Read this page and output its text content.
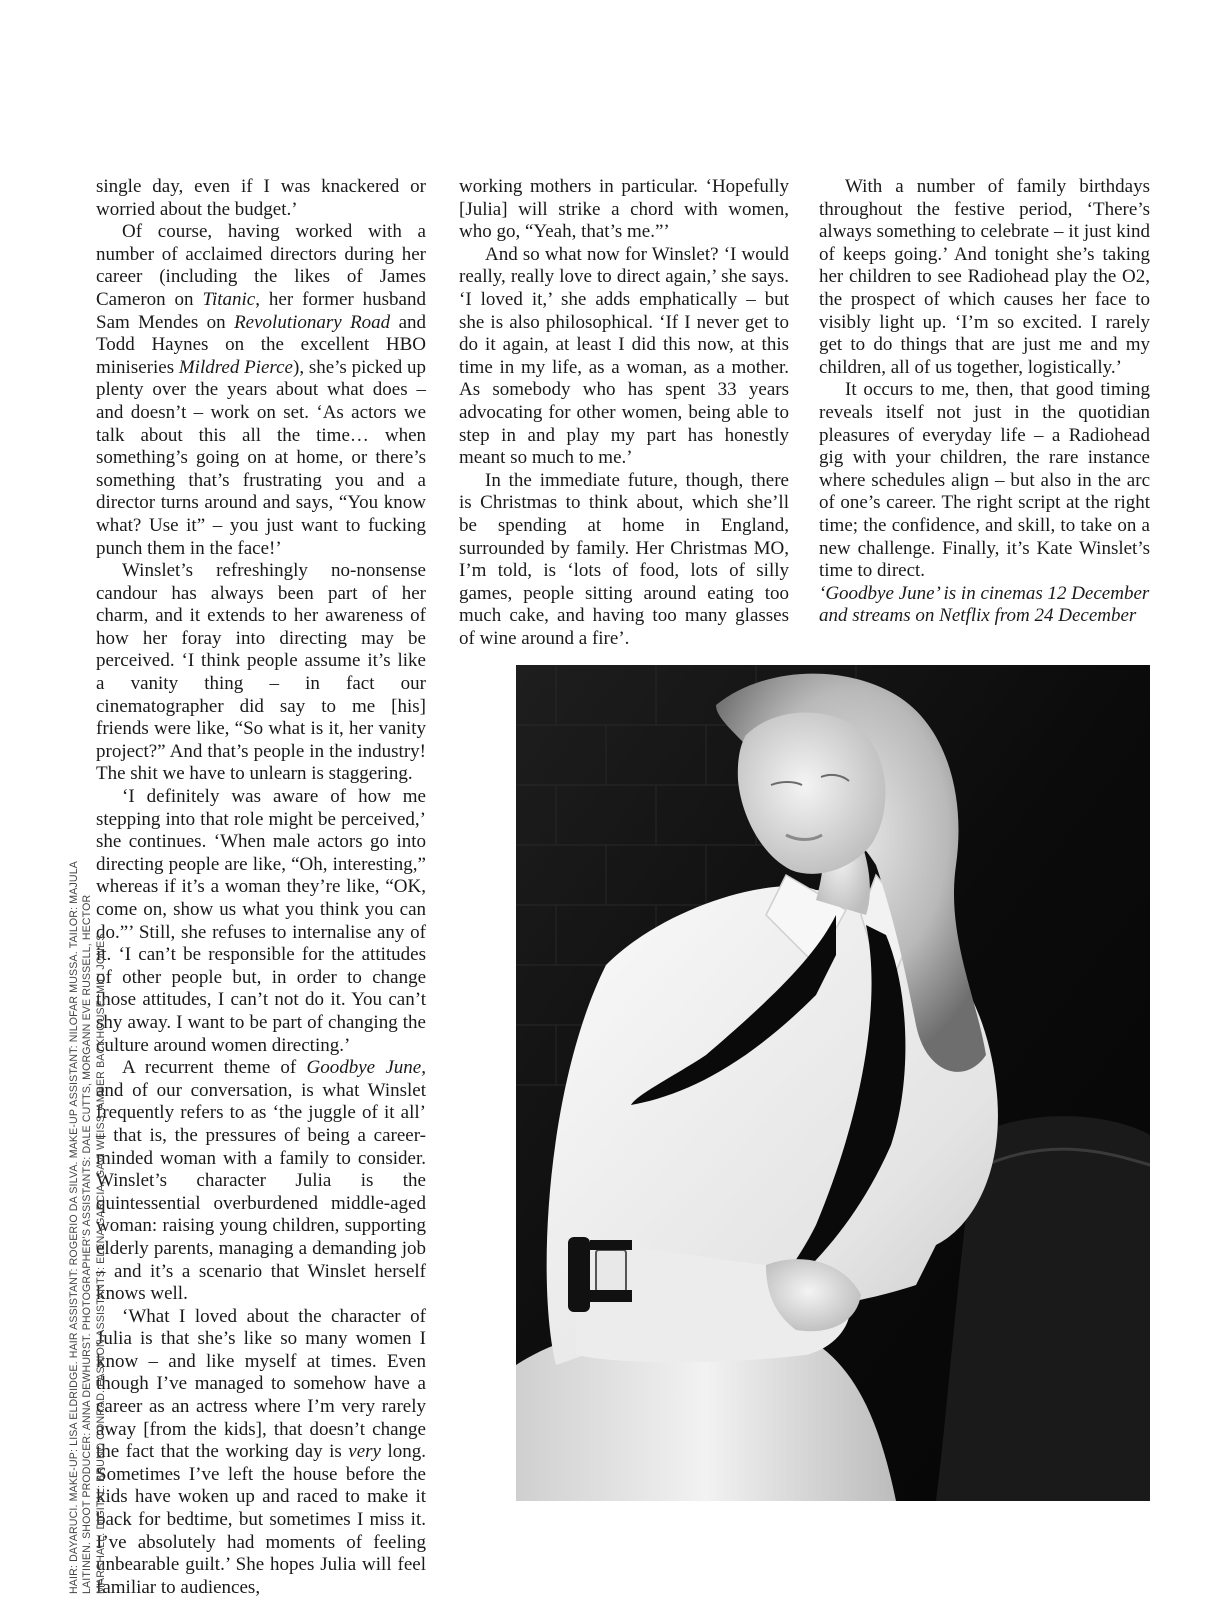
single day, even if I was knackered or worried about the budget.’

Of course, having worked with a number of acclaimed directors during her career (including the likes of James Cameron on Titanic, her former husband Sam Mendes on Revolutionary Road and Todd Haynes on the excellent HBO miniseries Mildred Pierce), she’s picked up plenty over the years about what does – and doesn’t – work on set. ‘As actors we talk about this all the time… when something’s going on at home, or there’s something that’s frustrating you and a director turns around and says, “You know what? Use it” – you just want to fucking punch them in the face!’

Winslet’s refreshingly no-nonsense candour has always been part of her charm, and it extends to her awareness of how her foray into directing may be perceived. ‘I think people assume it’s like a vanity thing – in fact our cinematographer did say to me [his] friends were like, “So what is it, her vanity project?” And that’s people in the industry! The shit we have to unlearn is staggering.

‘I definitely was aware of how me stepping into that role might be perceived,’ she continues. ‘When male actors go into directing people are like, “Oh, interesting,” whereas if it’s a woman they’re like, “OK, come on, show us what you think you can do.”’ Still, she refuses to internalise any of it. ‘I can’t be responsible for the attitudes of other people but, in order to change those attitudes, I can’t not do it. You can’t shy away. I want to be part of changing the culture around women directing.’

A recurrent theme of Goodbye June, and of our conversation, is what Winslet frequently refers to as ‘the juggle of it all’ – that is, the pressures of being a career-minded woman with a family to consider. Winslet’s character Julia is the quintessential overburdened middle-aged woman: raising young children, supporting elderly parents, managing a demanding job – and it’s a scenario that Winslet herself knows well.

‘What I loved about the character of Julia is that she’s like so many women I know – and like myself at times. Even though I’ve managed to somehow have a career as an actress where I’m very rarely away [from the kids], that doesn’t change the fact that the working day is very long. Sometimes I’ve left the house before the kids have woken up and raced to make it back for bedtime, but sometimes I miss it. I’ve absolutely had moments of feeling unbearable guilt.’ She hopes Julia will feel familiar to audiences,

working mothers in particular. ‘Hopefully [Julia] will strike a chord with women, who go, “Yeah, that’s me.”’

And so what now for Winslet? ‘I would really, really love to direct again,’ she says. ‘I loved it,’ she adds emphatically – but she is also philosophical. ‘If I never get to do it again, at least I did this now, at this time in my life, as a woman, as a mother. As somebody who has spent 33 years advocating for other women, being able to step in and play my part has honestly meant so much to me.’

In the immediate future, though, there is Christmas to think about, which she’ll be spending at home in England, surrounded by family. Her Christmas MO, I’m told, is ‘lots of food, lots of silly games, people sitting around eating too much cake, and having too many glasses of wine around a fire’.

With a number of family birthdays throughout the festive period, ‘There’s always something to celebrate – it just kind of keeps going.’ And tonight she’s taking her children to see Radiohead play the O2, the prospect of which causes her face to visibly light up. ‘I’m so excited. I rarely get to do things that are just me and my children, all of us together, logistically.’

It occurs to me, then, that good timing reveals itself not just in the quotidian pleasures of everyday life – a Radiohead gig with your children, the rare instance where schedules align – but also in the arc of one’s career. The right script at the right time; the confidence, and skill, to take on a new challenge. Finally, it’s Kate Winslet’s time to direct.

‘Goodbye June’ is in cinemas 12 December and streams on Netflix from 24 December

HAIR: DAYARUCI. MAKE-UP: LISA ELDRIDGE. HAIR ASSISTANT: ROGERIO DA SILVA. MAKE-UP ASSISTANT: NILOFAR MUSSA. TAILOR: MAJULA LAITINEN. SHOOT PRODUCER: ANNA DEWHURST. PHOTOGRAPHER’S ASSISTANTS: DALE CUTTS, MORGANN EVE RUSSELL, HECTOR MARSHALL. DIGITAL: BRUNO CONRAD. FASHION ASSISTANTS: ELENA GARCIA, GAVI WEISS, AMBER BACKHOUSE, MILI JONES
